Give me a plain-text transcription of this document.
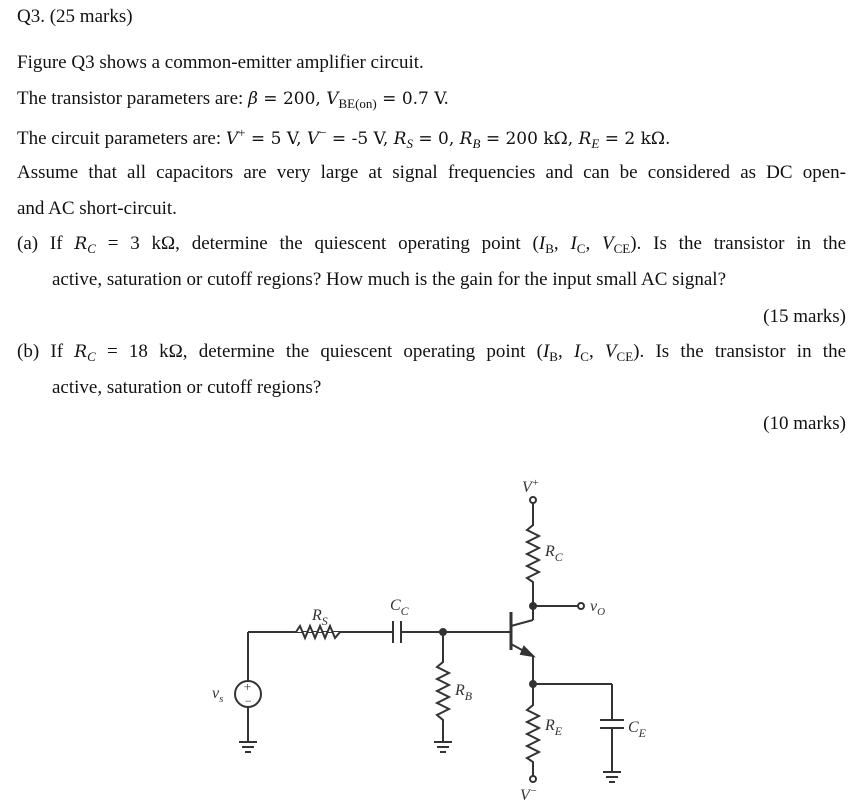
Q3. (25 marks)
Figure Q3 shows a common-emitter amplifier circuit.
The transistor parameters are: β = 200, $V_{BE(on)} = 0.7$ V.
The circuit parameters are: V+ = 5 V, V− = -5 V, $R_S = 0$, $R_B = 200$ kΩ, $R_E = 2$ kΩ.
Assume that all capacitors are very large at signal frequencies and can be considered as DC open-
and AC short-circuit.
(a) If $R_C = 3$ kΩ, determine the quiescent operating point ($I_B$, $I_C$, $V_{CE}$). Is the transistor in the
active, saturation or cutoff regions? How much is the gain for the input small AC signal?
(15 marks)
(b) If $R_C = 18$ kΩ, determine the quiescent operating point ($I_B$, $I_C$, $V_{CE}$). Is the transistor in the
active, saturation or cutoff regions?
(10 marks)
V+
$R_C$
$v_O$
$R_S$
$C_C$
$R_B$
+
−
$v_s$
$R_E$
V−
$C_E$
